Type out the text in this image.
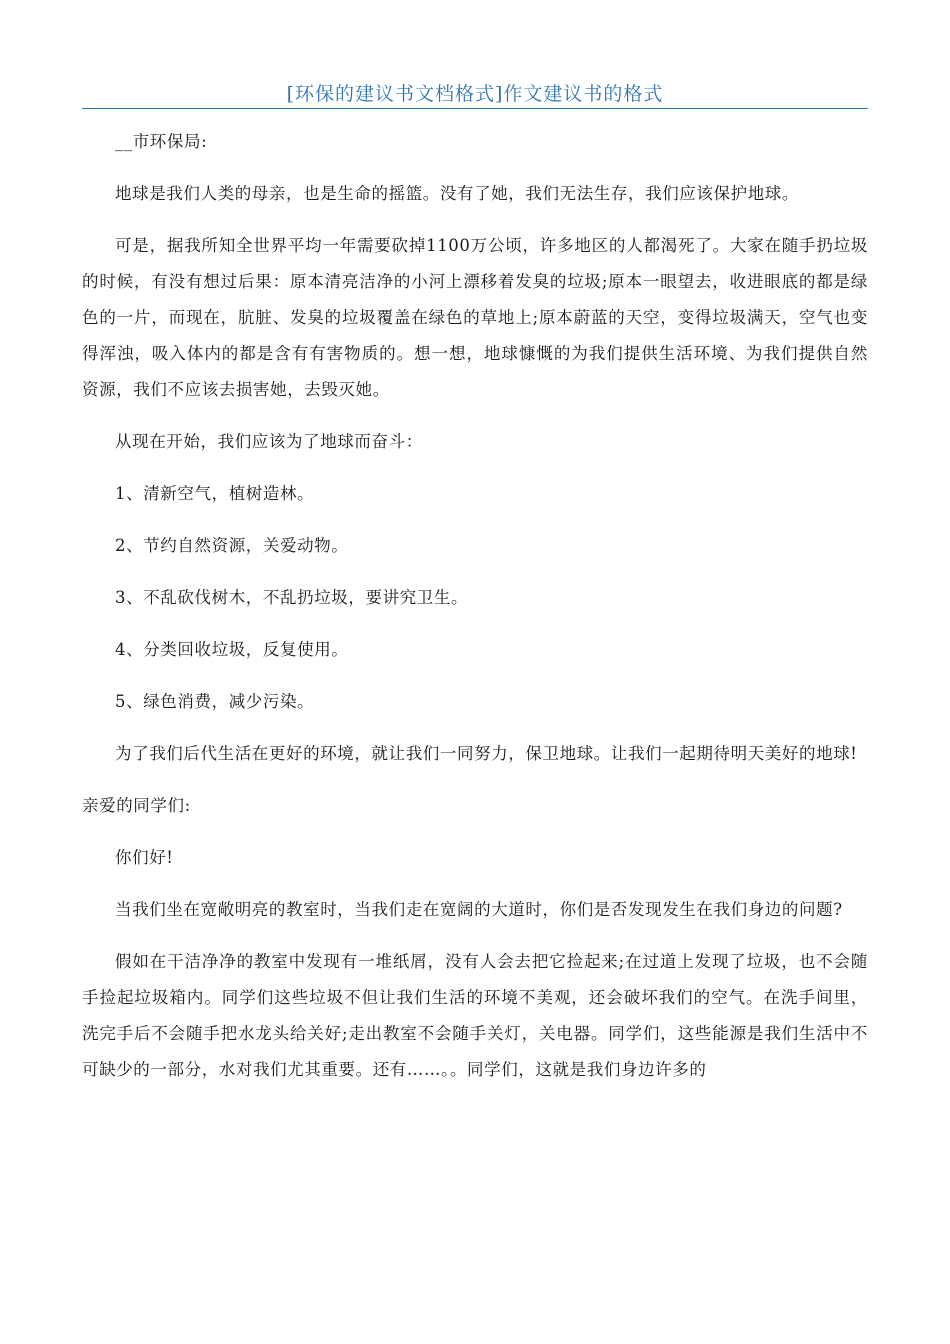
[环保的建议书文档格式]作文建议书的格式

__市环保局:

地球是我们人类的母亲，也是生命的摇篮。没有了她，我们无法生存，我们应该保护地球。

可是，据我所知全世界平均一年需要砍掉1100万公顷，许多地区的人都渴死了。大家在随手扔垃圾的时候，有没有想过后果：原本清亮洁净的小河上漂移着发臭的垃圾;原本一眼望去，收进眼底的都是绿色的一片，而现在，肮脏、发臭的垃圾覆盖在绿色的草地上;原本蔚蓝的天空，变得垃圾满天，空气也变得浑浊，吸入体内的都是含有有害物质的。想一想，地球慷慨的为我们提供生活环境、为我们提供自然资源，我们不应该去损害她，去毁灭她。

从现在开始，我们应该为了地球而奋斗：

1、清新空气，植树造林。

2、节约自然资源，关爱动物。

3、不乱砍伐树木，不乱扔垃圾，要讲究卫生。

4、分类回收垃圾，反复使用。

5、绿色消费，减少污染。

为了我们后代生活在更好的环境，就让我们一同努力，保卫地球。让我们一起期待明天美好的地球!

亲爱的同学们:

你们好!

当我们坐在宽敞明亮的教室时，当我们走在宽阔的大道时，你们是否发现发生在我们身边的问题?

假如在干洁净净的教室中发现有一堆纸屑，没有人会去把它捡起来;在过道上发现了垃圾，也不会随手捡起垃圾箱内。同学们这些垃圾不但让我们生活的环境不美观，还会破坏我们的空气。在洗手间里，洗完手后不会随手把水龙头给关好;走出教室不会随手关灯，关电器。同学们，这些能源是我们生活中不可缺少的一部分，水对我们尤其重要。还有……。。同学们，这就是我们身边许多的
